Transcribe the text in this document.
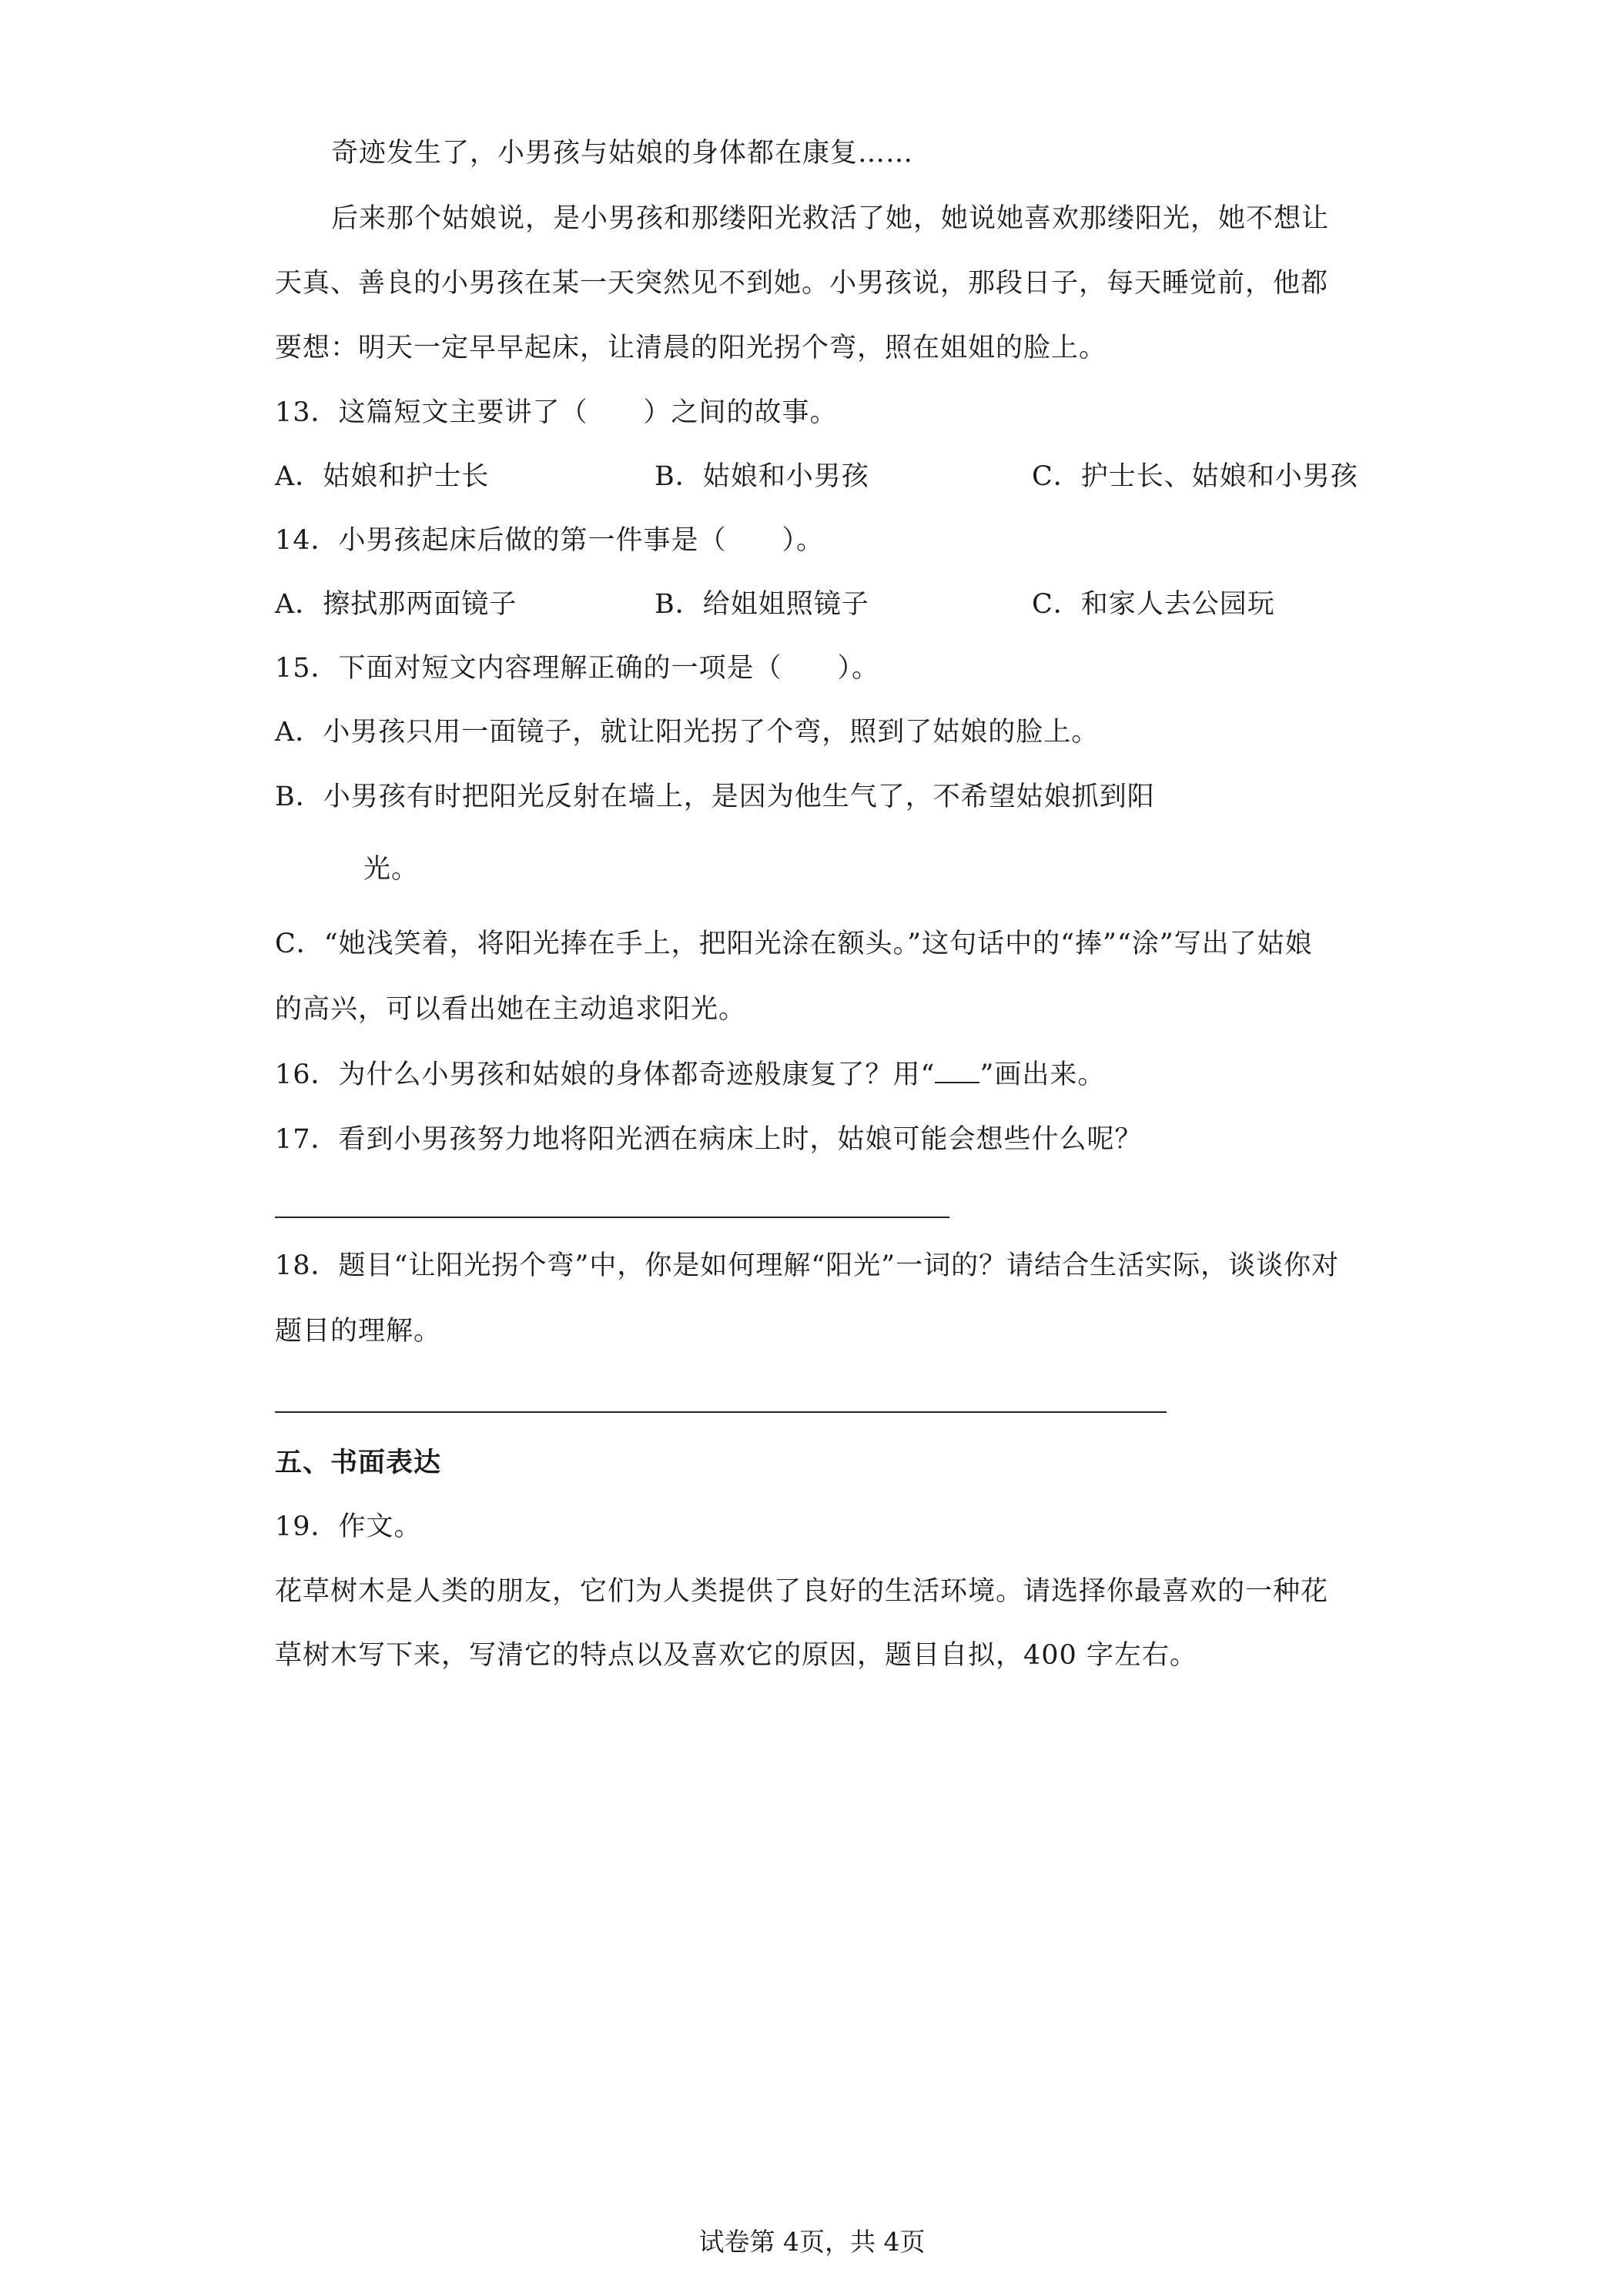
奇迹发生了，小男孩与姑娘的身体都在康复……
后来那个姑娘说，是小男孩和那缕阳光救活了她，她说她喜欢那缕阳光，她不想让
天真、善良的小男孩在某一天突然见不到她。小男孩说，那段日子，每天睡觉前，他都
要想：明天一定早早起床，让清晨的阳光拐个弯，照在姐姐的脸上。
13．这篇短文主要讲了（　　）之间的故事。
A．姑娘和护士长	B．姑娘和小男孩	C．护士长、姑娘和小男孩
14．小男孩起床后做的第一件事是（　　）。
A．擦拭那两面镜子	B．给姐姐照镜子	C．和家人去公园玩
15．下面对短文内容理解正确的一项是（　　）。
A．小男孩只用一面镜子，就让阳光拐了个弯，照到了姑娘的脸上。
B．小男孩有时把阳光反射在墙上，是因为他生气了，不希望姑娘抓到阳
光。
C．“她浅笑着，将阳光捧在手上，把阳光涂在额头。”这句话中的“捧”“涂”写出了姑娘
的高兴，可以看出她在主动追求阳光。
16．为什么小男孩和姑娘的身体都奇迹般康复了？用“ ”画出来。
17．看到小男孩努力地将阳光洒在病床上时，姑娘可能会想些什么呢？
18．题目“让阳光拐个弯”中，你是如何理解“阳光”一词的？请结合生活实际，谈谈你对
题目的理解。
五、书面表达
19．作文。
花草树木是人类的朋友，它们为人类提供了良好的生活环境。请选择你最喜欢的一种花
草树木写下来，写清它的特点以及喜欢它的原因，题目自拟，400 字左右。
试卷第 4页，共 4页
